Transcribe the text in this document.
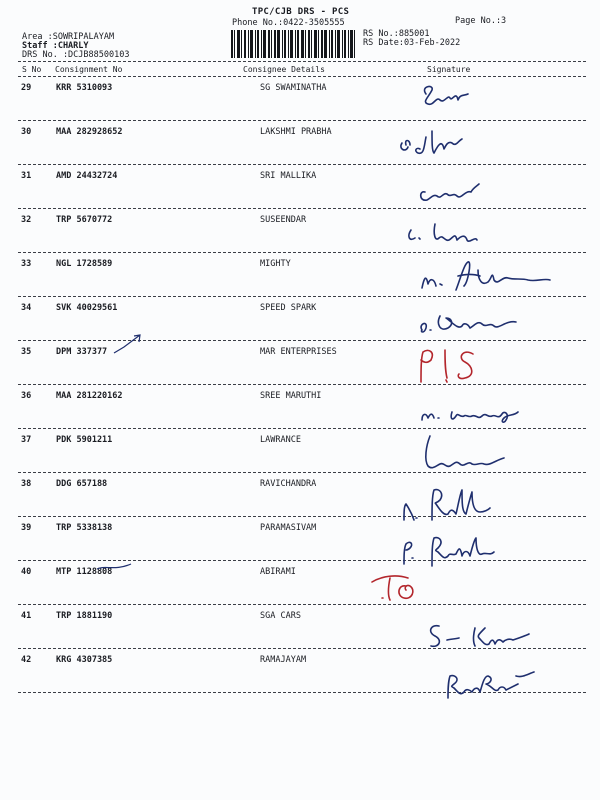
TPC/CJB DRS - PCS
Phone No.:0422-3505555	Page No.:3
Area :SOWRIPALAYAM
Staff :CHARLY
DRS No. :DCJB88500103
RS No.:885001
RS Date:03-Feb-2022
S No Consignment No	Consignee Details	Signature
29	KRR 5310093	SG SWAMINATHA
30	MAA 282928652	LAKSHMI PRABHA
31	AMD 24432724	SRI MALLIKA
32	TRP 5670772	SUSEENDAR
33	NGL 1728589	MIGHTY
34	SVK 40029561	SPEED SPARK
35	DPM 337377	MAR ENTERPRISES
36	MAA 281220162	SREE MARUTHI
37	PDK 5901211	LAWRANCE
38	DDG 657188	RAVICHANDRA
39	TRP 5338138	PARAMASIVAM
40	MTP 1128808	ABIRAMI
41	TRP 1881190	SGA CARS
42	KRG 4307385	RAMAJAYAM
